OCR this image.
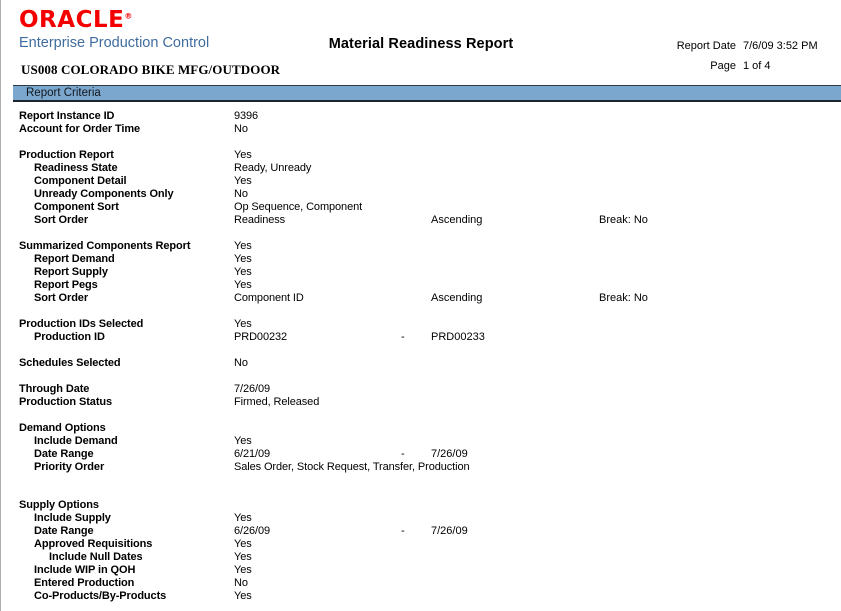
ORACLE®
Enterprise Production Control
US008 COLORADO BIKE MFG/OUTDOOR
Material Readiness Report	Report Date 7/6/09 3:52 PM
Page 1 of 4
Report Criteria
Report Instance ID	9396
Account for Order Time	No
Production Report	Yes
Readiness State	Ready, Unready
Component Detail	Yes
Unready Components Only	No
Component Sort	Op Sequence, Component
Sort Order	Readiness	Ascending	Break: No
Summarized Components Report	Yes
Report Demand	Yes
Report Supply	Yes
Report Pegs	Yes
Sort Order	Component ID	Ascending	Break: No
Production IDs Selected	Yes
Production ID	PRD00232	-	PRD00233
Schedules Selected	No
Through Date	7/26/09
Production Status	Firmed, Released
Demand Options
Include Demand	Yes
Date Range	6/21/09	-	7/26/09
Priority Order	Sales Order, Stock Request, Transfer, Production
Supply Options
Include Supply	Yes
Date Range	6/26/09	-	7/26/09
Approved Requisitions	Yes
Include Null Dates	Yes
Include WIP in QOH	Yes
Entered Production	No
Co-Products/By-Products	Yes
